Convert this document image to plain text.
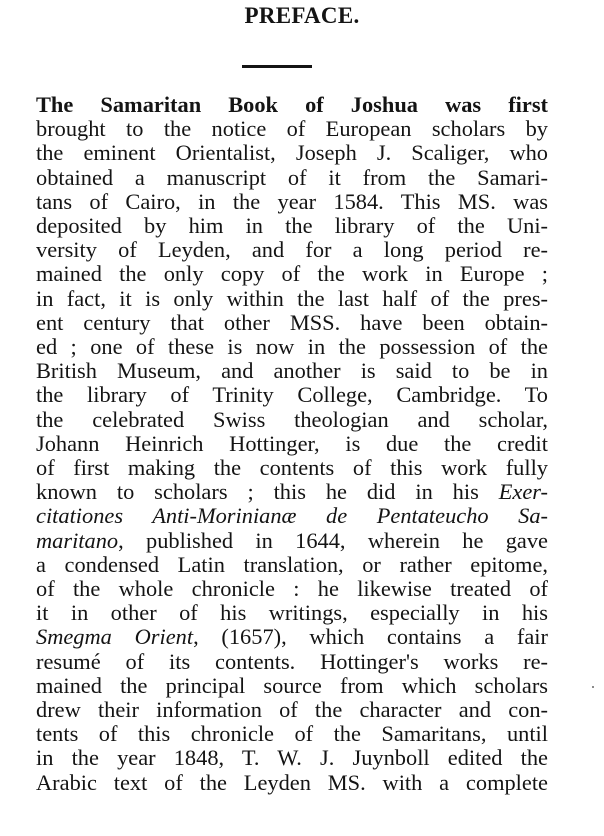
PREFACE.
The Samaritan Book of Joshua was first
brought to the notice of European scholars by
the eminent Orientalist, Joseph J. Scaliger, who
obtained a manuscript of it from the Samari-
tans of Cairo, in the year 1584. This MS. was
deposited by him in the library of the Uni-
versity of Leyden, and for a long period re-
mained the only copy of the work in Europe ;
in fact, it is only within the last half of the pres-
ent century that other MSS. have been obtain-
ed ; one of these is now in the possession of the
British Museum, and another is said to be in
the library of Trinity College, Cambridge. To
the celebrated Swiss theologian and scholar,
Johann Heinrich Hottinger, is due the credit
of first making the contents of this work fully
known to scholars ; this he did in his Exer-
citationes Anti-Morinianæ de Pentateucho Sa-
maritano, published in 1644, wherein he gave
a condensed Latin translation, or rather epitome,
of the whole chronicle : he likewise treated of
it in other of his writings, especially in his
Smegma Orient, (1657), which contains a fair
resumé of its contents. Hottinger's works re-
mained the principal source from which scholars
drew their information of the character and con-
tents of this chronicle of the Samaritans, until
in the year 1848, T. W. J. Juynboll edited the
Arabic text of the Leyden MS. with a complete
